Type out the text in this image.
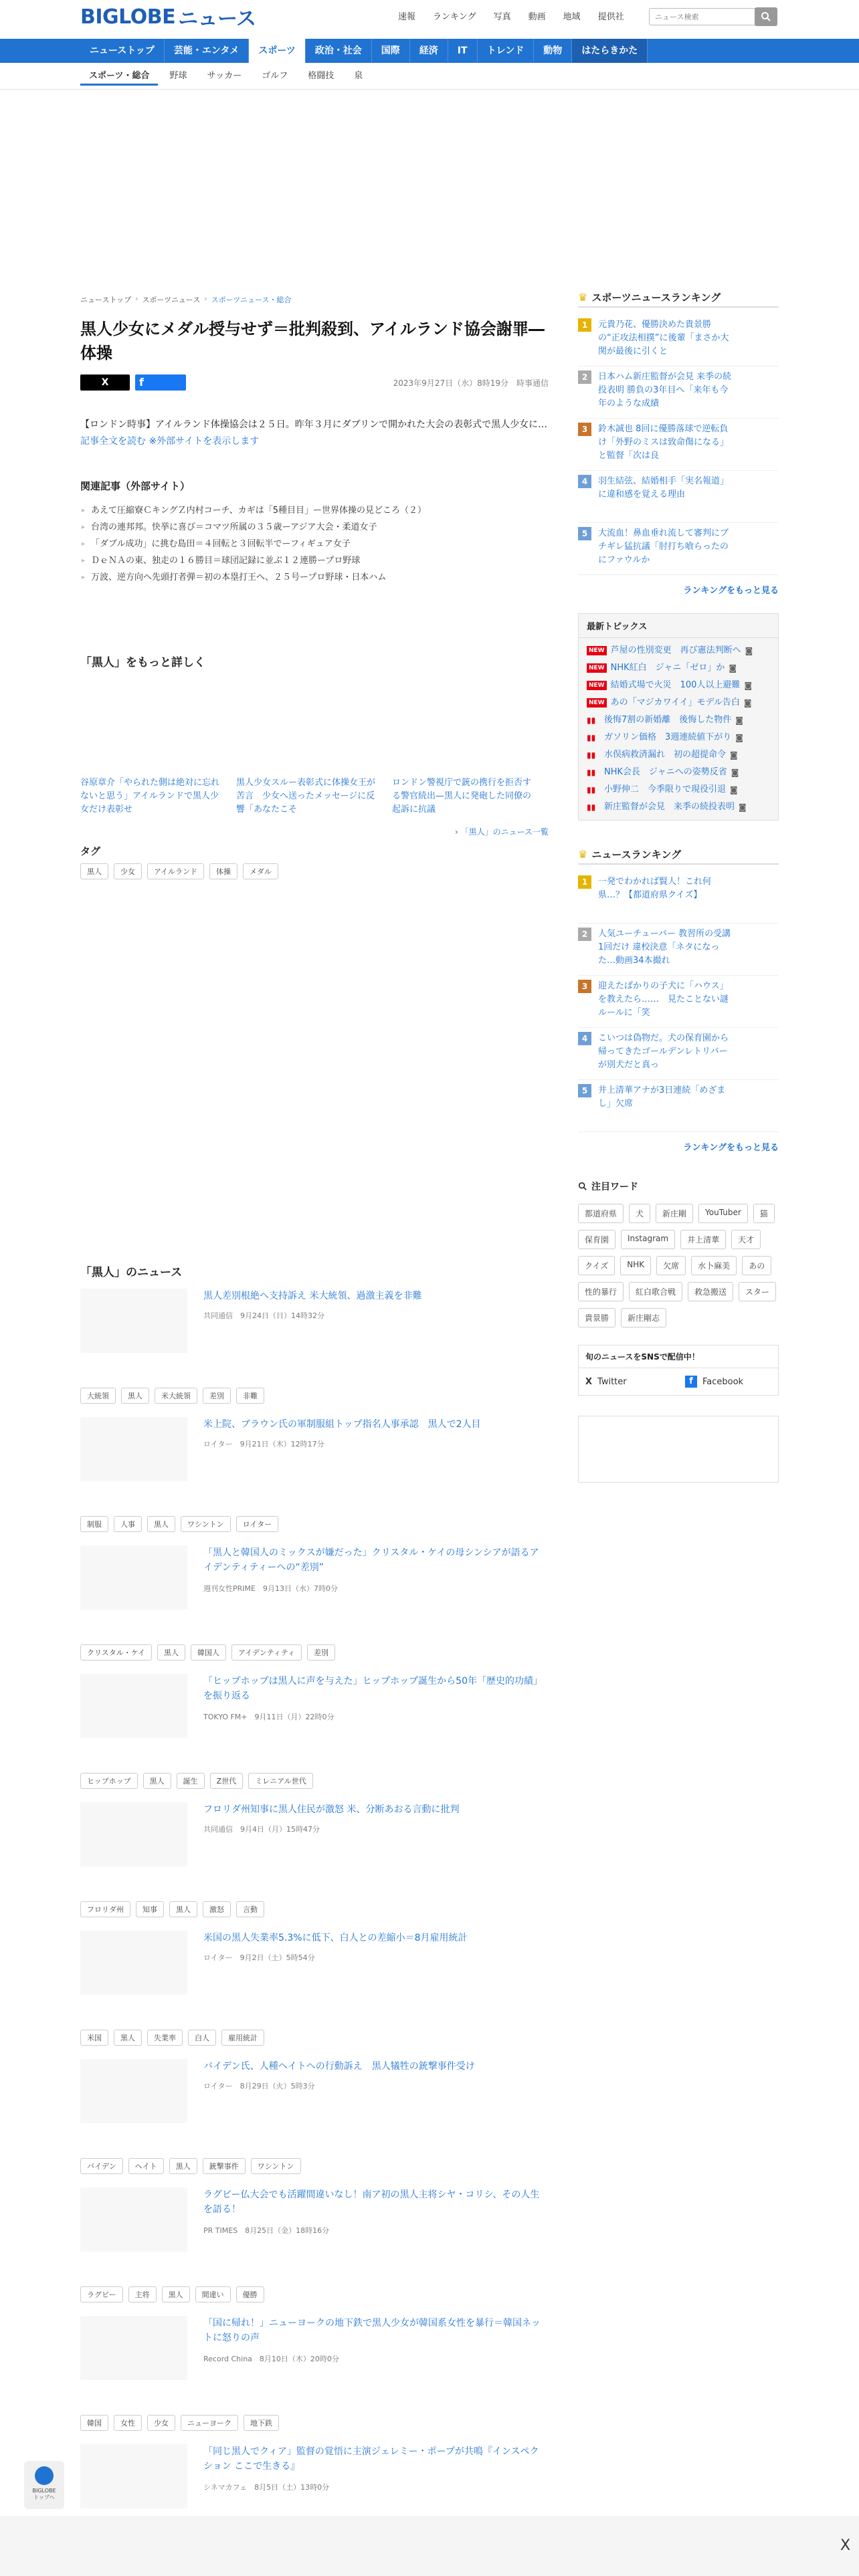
BIGLOBE ニュース	速報	ランキング	写真	動画	地域	提供社
ニュース検索
ニューストップ	芸能・エンタメ	スポーツ	政治・社会	国際	経済	IT	トレンド	動物	はたらきかた
スポーツ・総合	野球	サッカー	ゴルフ	格闘技	泉
ニューストップ › スポーツニュース › スポーツニュース・総合
黒人少女にメダル授与せず＝批判殺到、アイルランド協会謝罪―体操
X	f	2023年9月27日（水）8時19分　時事通信

【ロンドン時事】アイルランド体操協会は２５日。昨年３月にダブリンで開かれた大会の表彰式で黒人少女に…

記事全文を読む ※外部サイトを表示します
関連記事（外部サイト）
▸ あえて圧縮寮ＣキングＺ内村コーチ、カギは「5種目目」ー世界体操の見どころ（２）
▸ 台湾の連邦邦。快挙に喜び＝コマツ所属の３５歳ーアジア大会・柔道女子
▸ 「ダブル成功」に挑む島田＝４回転と３回転半でーフィギュア女子
▸ ＤｅＮＡの東、独走の１６勝目＝球団記録に並ぶ１２連勝ープロ野球
▸ 万波、逆方向へ先頭打者弾＝初の本塁打王へ、２５号ープロ野球・日本ハム
「黒人」をもっと詳しく
谷原章介「やられた側は絶対に忘れないと思う」アイルランドで黒人少女だけ表彰せ
黒人少女スルー表彰式に体操女王が苦言　少女へ送ったメッセージに反響「あなたこそ
ロンドン警視庁で銃の携行を拒否する警官続出—黒人に発砲した同僚の起訴に抗議
› 「黒人」のニュース一覧
タグ
黒人	少女	アイルランド	体操	メダル
「黒人」のニュース
黒人差別根絶へ支持訴え 米大統領、過激主義を非難
共同通信　9月24日（日）14時32分
大統領	黒人	米大統領	差別	非難
米上院、ブラウン氏の軍制服組トップ指名人事承認　黒人で2人目
ロイター　9月21日（木）12時17分
制服	人事	黒人	ワシントン	ロイター
「黒人と韓国人のミックスが嫌だった」クリスタル・ケイの母シンシアが語るアイデンティティーへの“差別”
週刊女性PRIME　9月13日（水）7時0分
クリスタル・ケイ	黒人	韓国人	アイデンティティ	差別
「ヒップホップは黒人に声を与えた」ヒップホップ誕生から50年「歴史的功績」を振り返る
TOKYO FM+　9月11日（月）22時0分
ヒップホップ	黒人	誕生	Z世代	ミレニアル世代
フロリダ州知事に黒人住民が激怒 米、分断あおる言動に批判
共同通信　9月4日（月）15時47分
フロリダ州	知事	黒人	激怒	言動
米国の黒人失業率5.3%に低下、白人との差縮小＝8月雇用統計
ロイター　9月2日（土）5時54分
米国	黒人	失業率	白人	雇用統計
バイデン氏、人種ヘイトへの行動訴え　黒人犠牲の銃撃事件受け
ロイター　8月29日（火）5時3分
バイデン	ヘイト	黒人	銃撃事件	ワシントン
ラグビー仏大会でも活躍間違いなし！南ア初の黒人主将シヤ・コリシ、その人生を語る！
PR TIMES　8月25日（金）18時16分
ラグビー	主将	黒人	間違い	優勝
「国に帰れ！」ニューヨークの地下鉄で黒人少女が韓国系女性を暴行＝韓国ネットに怒りの声
Record China　8月10日（木）20時0分
韓国	女性	少女	ニューヨーク	地下鉄
「同じ黒人でクィア」監督の覚悟に主演ジェレミー・ポープが共鳴『インスペクション ここで生きる』
シネマカフェ　8月5日（土）13時0分
♛ スポーツニュースランキング
1	元貴乃花、優勝決めた貴景勝の“正攻法相撲”に後輩「まさか大関が最後に引くと
2	日本ハム新庄監督が会見 来季の続投表明 勝負の3年目へ「来年も今年のような成績
3	鈴木誠也 8回に優勝落球で逆転負け「外野のミスは致命傷になる」と監督「次は良
4	羽生結弦、結婚相手「実名報道」に違和感を覚える理由
5	大流血！鼻血垂れ流して審判にブチギレ猛抗議「肘打ち喰らったのにファウルか
ランキングをもっと見る
最新トピックス
NEW 芦屋の性別変更　再び憲法判断へ ◙
NEW NHK紅白　ジャニ「ゼロ」か ◙
NEW 結婚式場で火災　100人以上避難 ◙
NEW あの「マジカワイイ」モデル告白 ◙
▮▮ 後悔7割の新婚離　後悔した物件 ◙
▮▮ ガソリン価格　3週連続値下がり ◙
▮▮ 水俣病救済漏れ　初の超提命令 ◙
▮▮ NHK会長　ジャニへの姿勢反省 ◙
▮▮ 小野伸二　今季限りで現役引退 ◙
▮▮ 新庄監督が会見　来季の続投表明 ◙
♛ ニュースランキング
1	一発でわかれば賢人！これ何県…？【都道府県クイズ】
2	人気ユーチューバー 教習所の受講1回だけ 違校決意「ネタになった…動画34本撮れ
3	迎えたばかりの子犬に「ハウス」を教えたら……　見たことない謎ルールに「笑
4	こいつは偽物だ。犬の保育園から帰ってきたゴールデンレトリバーが別犬だと真っ
5	井上清華アナが3日連続「めざまし」欠席
ランキングをもっと見る
注目ワード
都道府県	犬	新庄剛	YouTuber	猫
保育園	Instagram	井上清華	天才
クイズ	NHK	欠席	水卜麻美	あの
性的暴行	紅白歌合戦	救急搬送	スター
貴景勝	新庄剛志
旬のニュースをSNSで配信中！
X Twitter	f	Facebook
BIGLOBE
トップへ
X
